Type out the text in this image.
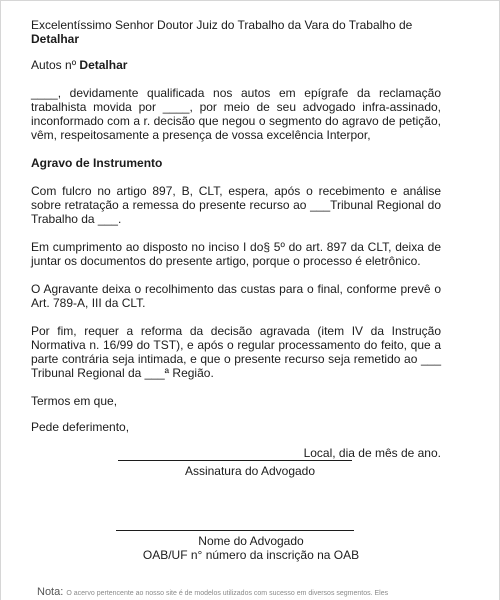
Excelentíssimo Senhor Doutor Juiz do Trabalho da Vara do Trabalho de Detalhar

Autos nº Detalhar

____, devidamente qualificada nos autos em epígrafe da reclamação trabalhista movida por ____, por meio de seu advogado infra-assinado, inconformado com a r. decisão que negou o segmento do agravo de petição, vêm, respeitosamente a presença de vossa excelência Interpor,

Agravo de Instrumento

Com fulcro no artigo 897, B, CLT, espera, após o recebimento e análise sobre retratação a remessa do presente recurso ao ___Tribunal Regional do Trabalho da ___.

Em cumprimento ao disposto no inciso I do§ 5º do art. 897 da CLT, deixa de juntar os documentos do presente artigo, porque o processo é eletrônico.

O Agravante deixa o recolhimento das custas para o final, conforme prevê o Art. 789-A, III da CLT.

Por fim, requer a reforma da decisão agravada (item IV da Instrução Normativa n. 16/99 do TST), e após o regular processamento do feito, que a parte contrária seja intimada, e que o presente recurso seja remetido ao ___ Tribunal Regional da ___ª Região.

Termos em que,

Pede deferimento,

Local, dia de mês de ano.

Assinatura do Advogado

Nome do Advogado

OAB/UF n° número da inscrição na OAB

Nota: O acervo pertencente ao nosso site é de modelos utilizados com sucesso em diversos segmentos. Eles
